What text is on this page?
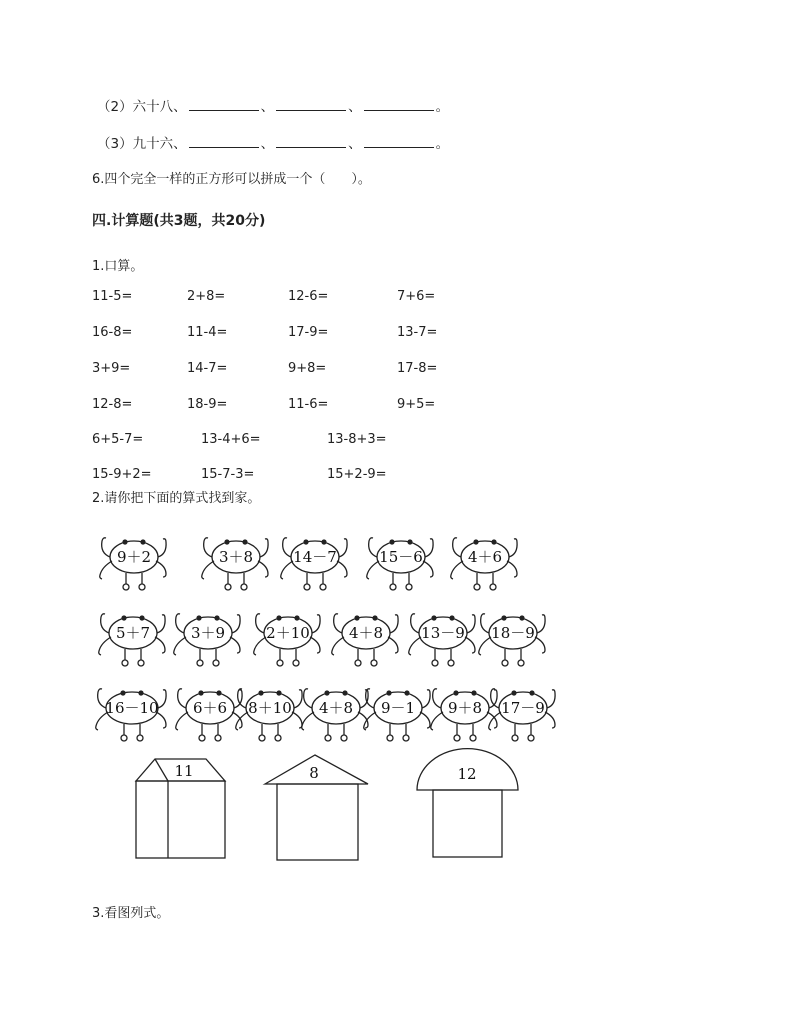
（2）六十八、	、	、	。
（3）九十六、	、	、	。
6.四个完全一样的正方形可以拼成一个（　　）。
四.计算题(共3题，共20分)
1.口算。
11-5=	2+8=	12-6=	7+6=
16-8=	11-4=	17-9=	13-7=
3+9=	14-7=	9+8=	17-8=
12-8=	18-9=	11-6=	9+5=
6+5-7=	13-4+6=	13-8+3=
15-9+2=	15-7-3=	15+2-9=
2.请你把下面的算式找到家。
9＋2	3＋8	14－7	15－6	4＋6
5＋7	3＋9	2＋10	4＋8	13－9 18－9
16－10 6＋6 8＋10 4＋8 9－1 9＋8 17－9
11	8	12
3.看图列式。
